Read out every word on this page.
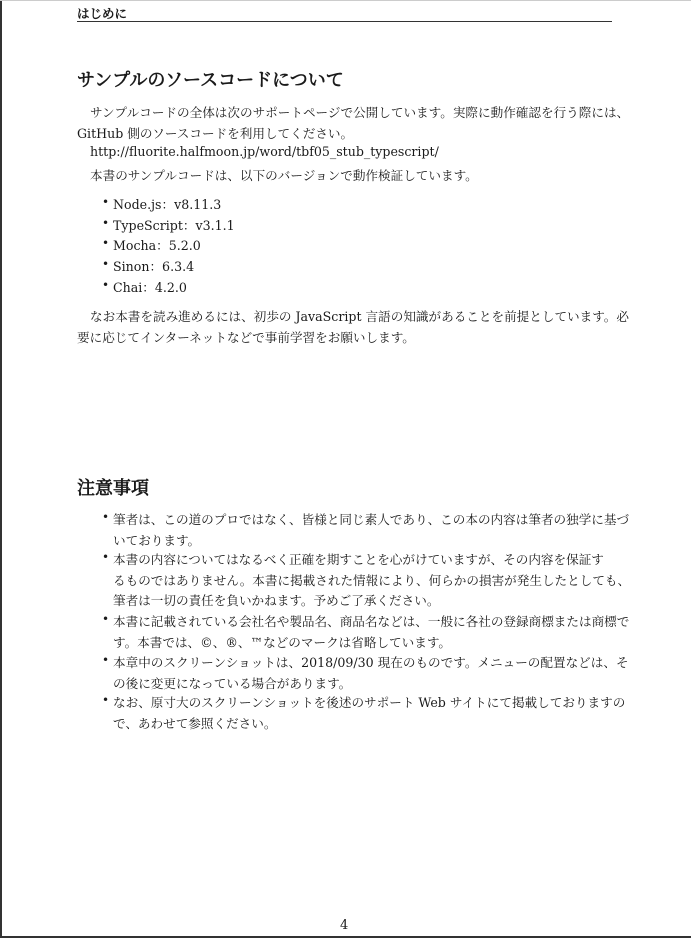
はじめに
サンプルのソースコードについて
サンプルコードの全体は次のサポートページで公開しています。実際に動作確認を行う際には、
GitHub 側のソースコードを利用してください。
http://fluorite.halfmoon.jp/word/tbf05_stub_typescript/
本書のサンプルコードは、以下のバージョンで動作検証しています。
• Node.js：v8.11.3
• TypeScript：v3.1.1
• Mocha：5.2.0
• Sinon：6.3.4
• Chai：4.2.0
なお本書を読み進めるには、初歩の JavaScript 言語の知識があることを前提としています。必
要に応じてインターネットなどで事前学習をお願いします。
注意事項
• 筆者は、この道のプロではなく、皆様と同じ素人であり、この本の内容は筆者の独学に基づ
いております。
• 本書の内容についてはなるべく正確を期すことを心がけていますが、その内容を保証す
るものではありません。本書に掲載された情報により、何らかの損害が発生したとしても、
筆者は一切の責任を負いかねます。予めご了承ください。
• 本書に記載されている会社名や製品名、商品名などは、一般に各社の登録商標または商標で
す。本書では、©、®、™などのマークは省略しています。
• 本章中のスクリーンショットは、2018/09/30 現在のものです。メニューの配置などは、そ
の後に変更になっている場合があります。
• なお、原寸大のスクリーンショットを後述のサポート Web サイトにて掲載しておりますの
で、あわせて参照ください。
4
